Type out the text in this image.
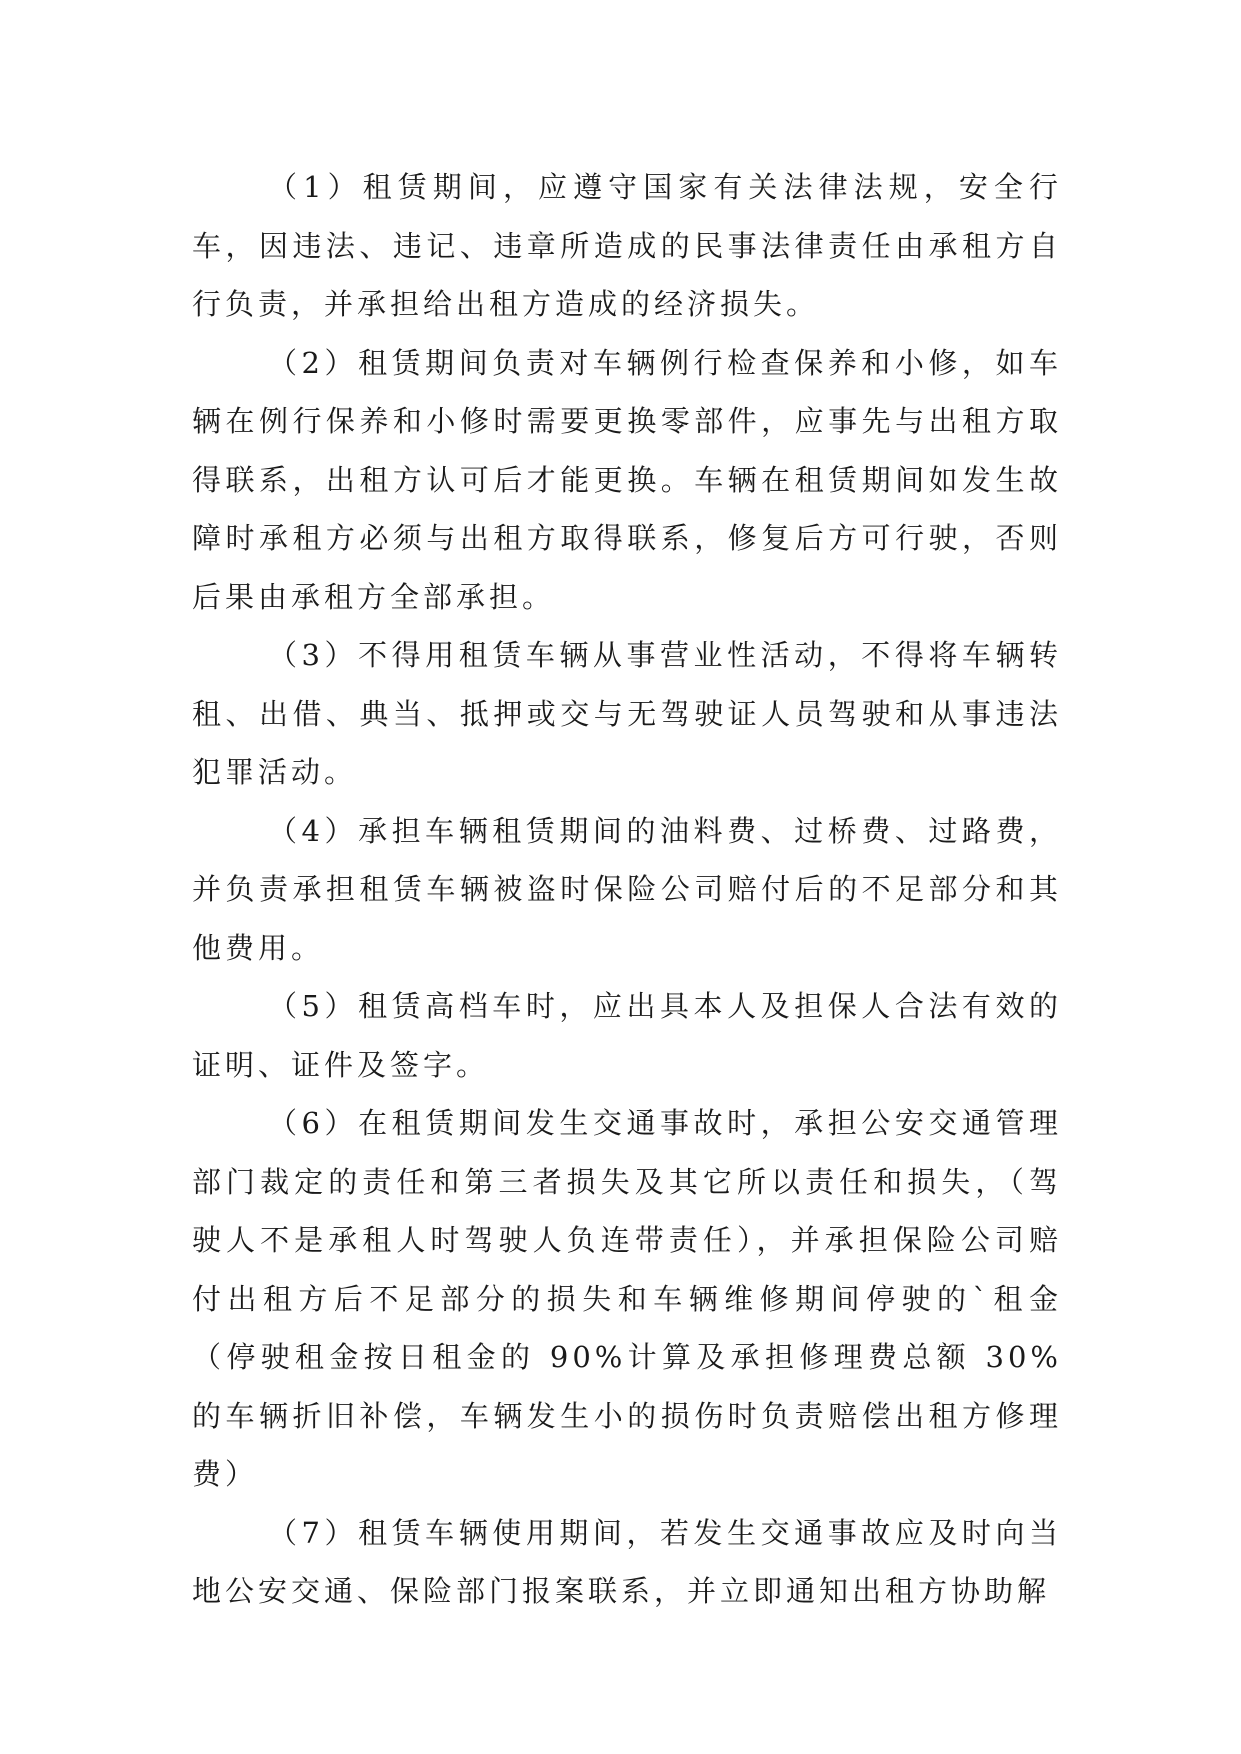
（1）租赁期间，应遵守国家有关法律法规，安全行车，因违法、违记、违章所造成的民事法律责任由承租方自行负责，并承担给出租方造成的经济损失。

（2）租赁期间负责对车辆例行检查保养和小修，如车辆在例行保养和小修时需要更换零部件，应事先与出租方取得联系，出租方认可后才能更换。车辆在租赁期间如发生故障时承租方必须与出租方取得联系，修复后方可行驶，否则后果由承租方全部承担。

（3）不得用租赁车辆从事营业性活动，不得将车辆转租、出借、典当、抵押或交与无驾驶证人员驾驶和从事违法犯罪活动。

（4）承担车辆租赁期间的油料费、过桥费、过路费，并负责承担租赁车辆被盗时保险公司赔付后的不足部分和其他费用。

（5）租赁高档车时，应出具本人及担保人合法有效的证明、证件及签字。

（6）在租赁期间发生交通事故时，承担公安交通管理部门裁定的责任和第三者损失及其它所以责任和损失，（驾驶人不是承租人时驾驶人负连带责任），并承担保险公司赔付出租方后不足部分的损失和车辆维修期间停驶的`租金（停驶租金按日租金的 90%计算及承担修理费总额 30%的车辆折旧补偿，车辆发生小的损伤时负责赔偿出租方修理费）

（7）租赁车辆使用期间，若发生交通事故应及时向当地公安交通、保险部门报案联系，并立即通知出租方协助解
